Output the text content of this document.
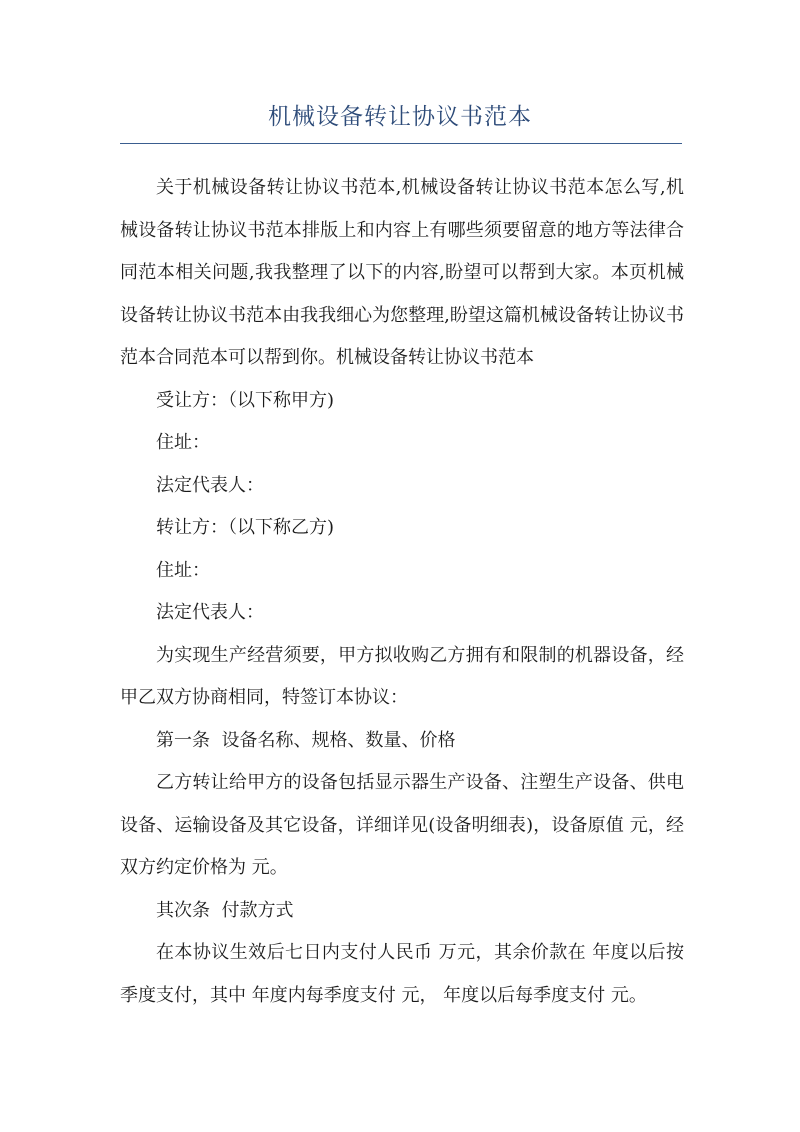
机械设备转让协议书范本

关于机械设备转让协议书范本,机械设备转让协议书范本怎么写,机械设备转让协议书范本排版上和内容上有哪些须要留意的地方等法律合同范本相关问题,我我整理了以下的内容,盼望可以帮到大家。本页机械设备转让协议书范本由我我细心为您整理,盼望这篇机械设备转让协议书范本合同范本可以帮到你。机械设备转让协议书范本

受让方：（以下称甲方)

住址：

法定代表人：

转让方：（以下称乙方)

住址：

法定代表人：

为实现生产经营须要，甲方拟收购乙方拥有和限制的机器设备，经甲乙双方协商相同，特签订本协议：

第一条  设备名称、规格、数量、价格

乙方转让给甲方的设备包括显示器生产设备、注塑生产设备、供电设备、运输设备及其它设备，详细详见(设备明细表)，设备原值 元，经双方约定价格为 元。

其次条  付款方式

在本协议生效后七日内支付人民币 万元，其余价款在 年度以后按季度支付，其中 年度内每季度支付 元， 年度以后每季度支付 元。
